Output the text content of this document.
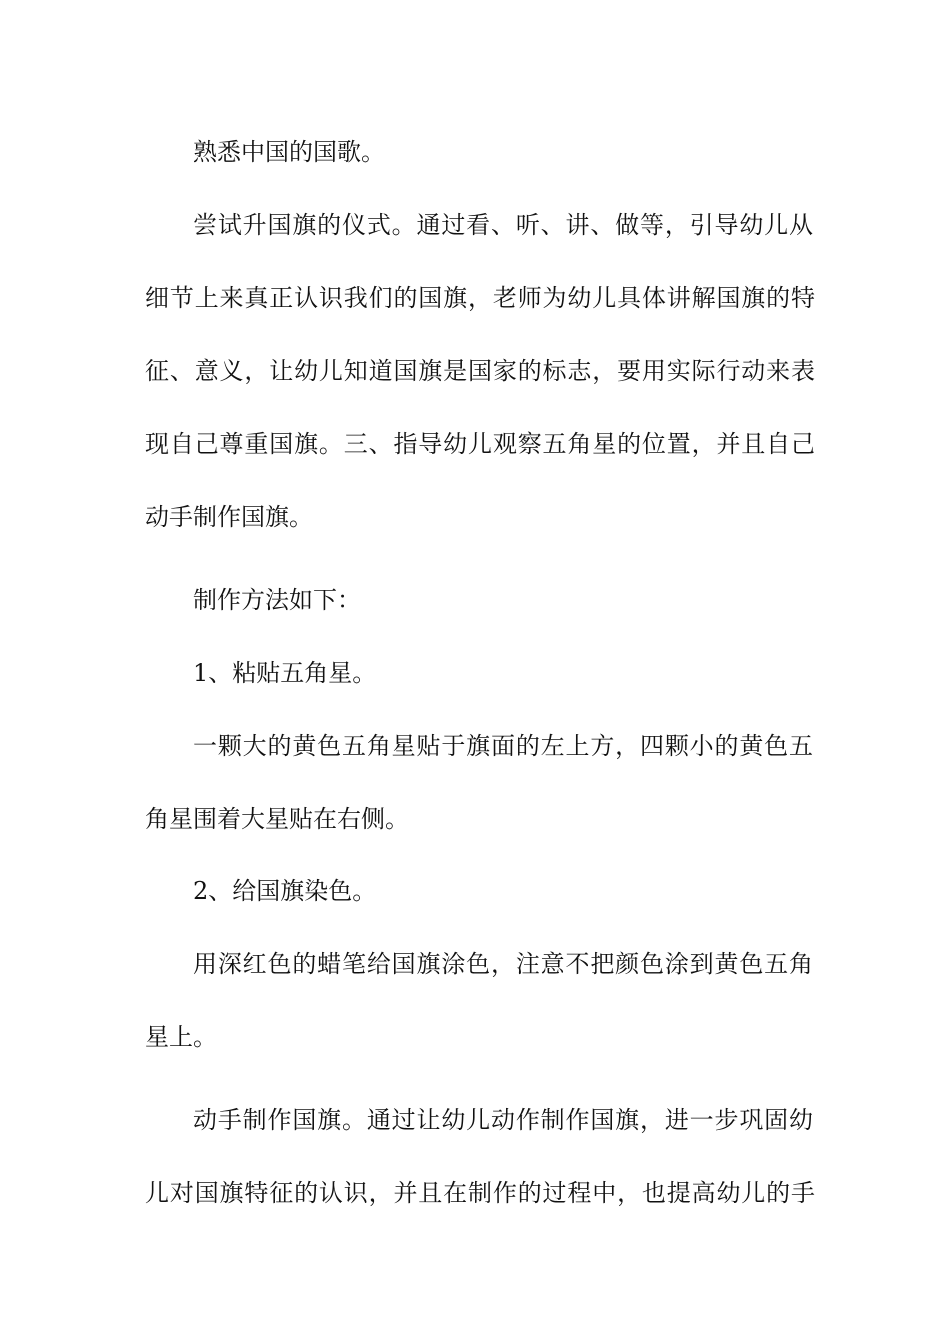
熟悉中国的国歌。
尝试升国旗的仪式。通过看、听、讲、做等，引导幼儿从
细节上来真正认识我们的国旗，老师为幼儿具体讲解国旗的特
征、意义，让幼儿知道国旗是国家的标志，要用实际行动来表
现自己尊重国旗。三、指导幼儿观察五角星的位置，并且自己
动手制作国旗。
制作方法如下：
1、粘贴五角星。
一颗大的黄色五角星贴于旗面的左上方，四颗小的黄色五
角星围着大星贴在右侧。
2、给国旗染色。
用深红色的蜡笔给国旗涂色，注意不把颜色涂到黄色五角
星上。
动手制作国旗。通过让幼儿动作制作国旗，进一步巩固幼
儿对国旗特征的认识，并且在制作的过程中，也提高幼儿的手
